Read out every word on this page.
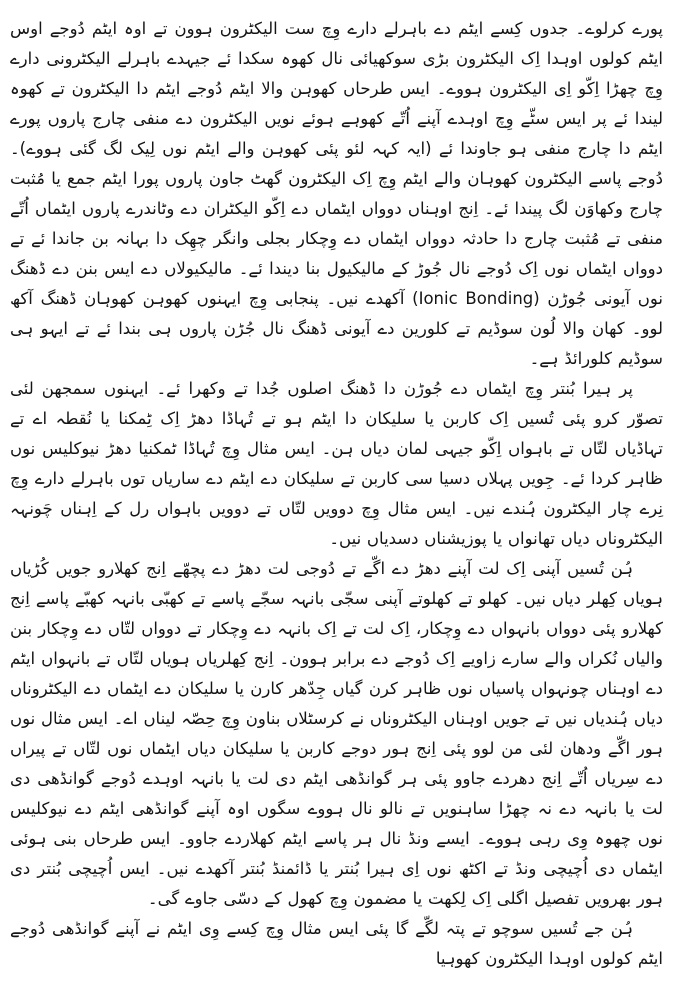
پورے کرلوے۔ جدوں کِسے ایٹم دے باہرلے دارے وِچ ست الیکٹرون ہوون تے اوہ ایٹم دُوجے اوس ایٹم کولوں اوہدا اِک الیکٹرون بڑی سوکھیائی نال کھوہ سکدا ئے جیہدے باہرلے الیکٹرونی دارے وِچ چھڑا اِکّو اِی الیکٹرون ہووے۔ ایس طرحاں کھوہن والا ایٹم دُوجے ایٹم دا الیکٹرون تے کھوہ لیندا ئے پر ایس سٹّے وِچ اوہدے آپنے اُتّے کھوہے ہوئے نویں الیکٹرون دے منفی چارج پاروں پورے ایٹم دا چارج منفی ہو جاوندا ئے (ایہ کہہ لئو پئی کھوہن والے ایٹم نوں لِیک لگ گئی ہووے)۔ دُوجے پاسے الیکٹرون کھوہان والے ایٹم وِچ اِک الیکٹرون گھٹ جاون پاروں پورا ایٹم جمع یا مُثبت چارج وکھاوَن لگ پیندا ئے۔ اِنج اوہناں دوواں ایٹماں دے اِکّو الیکٹران دے وٹاندرے پاروں ایٹماں اُتّے منفی تے مُثبت چارج دا حادثہ دوواں ایٹماں دے وِچکار بجلی وانگر چھِک دا بہانہ بن جاندا ئے تے دوواں ایٹماں نوں اِک دُوجے نال جُوڑ کے مالیکیول بنا دیندا ئے۔ مالیکیولاں دے ایس بنن دے ڈھنگ نوں آیونی جُوڑن (Ionic Bonding) آکھدے نیں۔ پنجابی وِچ ایہنوں کھوہن کھوہان ڈھنگ آکھ لوو۔ کھان والا لُون سوڈیم تے کلورین دے آیونی ڈھنگ نال جُڑن پاروں ہی بندا ئے تے ایہو ہی سوڈیم کلورائڈ ہے۔

پر ہیرا بُنتر وِچ ایٹماں دے جُوڑن دا ڈھنگ اصلوں جُدا تے وکھرا ئے۔ ایہنوں سمجھن لئی تصوّر کرو پئی تُسیں اِک کاربن یا سلیکان دا ایٹم ہو تے تُہاڈا دھڑ اِک ٹِمکنا یا نُقطہ اے تے تہاڈیاں لتّاں تے باہواں اِکّو جیہی لمان دیاں ہن۔ ایس مثال وِچ تُہاڈا ٹمکنیا دھڑ نیوکلیس نوں ظاہر کردا ئے۔ جِویں پہلاں دسیا سی کاربن تے سلیکان دے ایٹم دے ساریاں توں باہرلے دارے وِچ نِرے چار الیکٹرون ہُندے نیں۔ ایس مثال وِچ دوویں لتّاں تے دوویں باہواں رل کے اِہناں چَونہہ الیکٹروناں دیاں تھانواں یا پوزیشناں دسدیاں نیں۔

ہُن تُسیں آپنی اِک لت آپنے دھڑ دے اگّے تے دُوجی لت دھڑ دے پچھّے اِنج کھلارو جویں کُڑیاں ہویاں کِھلر دیاں نیں۔ کھلو تے کھلوتے آپنی سجّی بانہہ سجّے پاسے تے کھبّی بانہہ کھبّے پاسے اِنج کھلارو پئی دوواں بانہواں دے وِچکار، اِک لت تے اِک بانہہ دے وِچکار تے دوواں لتّاں دے وِچکار بنن والیاں نُکراں والے سارے زاویے اِک دُوجے دے برابر ہوون۔ اِنج کِھلریاں ہویاں لتّاں تے بانہواں ایٹم دے اوہناں چونہواں پاسیاں نوں ظاہر کرن گیاں جِدّھر کارن یا سلیکان دے ایٹماں دے الیکٹروناں دیاں ہُندیاں نیں تے جویں اوہناں الیکٹروناں نے کرسٹلاں بناون وِچ حِصّہ لیناں اے۔ ایس مثال نوں ہور اگّے ودھان لئی من لوو پئی اِنج ہور دوجے کاربن یا سلیکان دیاں ایٹماں نوں لتّاں تے پیراں دے سِریاں اُتّے اِنج دھردے جاوو پئی ہر گوانڈھی ایٹم دی لت یا بانہہ اوہدے دُوجے گوانڈھی دی لت یا بانہہ دے نہ چھڑا ساہنویں تے نالو نال ہووے سگوں اوہ آپنے گوانڈھی ایٹم دے نیوکلیس نوں چھوہ وِی رہی ہووے۔ ایسے ونڈ نال ہر پاسے ایٹم کھلاردے جاوو۔ ایس طرحاں بنی ہوئی ایٹماں دی اُچیچی ونڈ تے اکٹھ نوں اِی ہیرا بُنتر یا ڈائمنڈ بُنتر آکھدے نیں۔ ایس اُچیچی بُنتر دی ہور بھرویں تفصیل اگلی اِک لِکھت یا مضمون وِچ کھول کے دسّی جاوے گی۔

ہُن جے تُسیں سوچو تے پتہ لگّے گا پئی ایس مثال وِچ کِسے وِی ایٹم نے آپنے گوانڈھی دُوجے ایٹم کولوں اوہدا الیکٹرون کھوہیا
